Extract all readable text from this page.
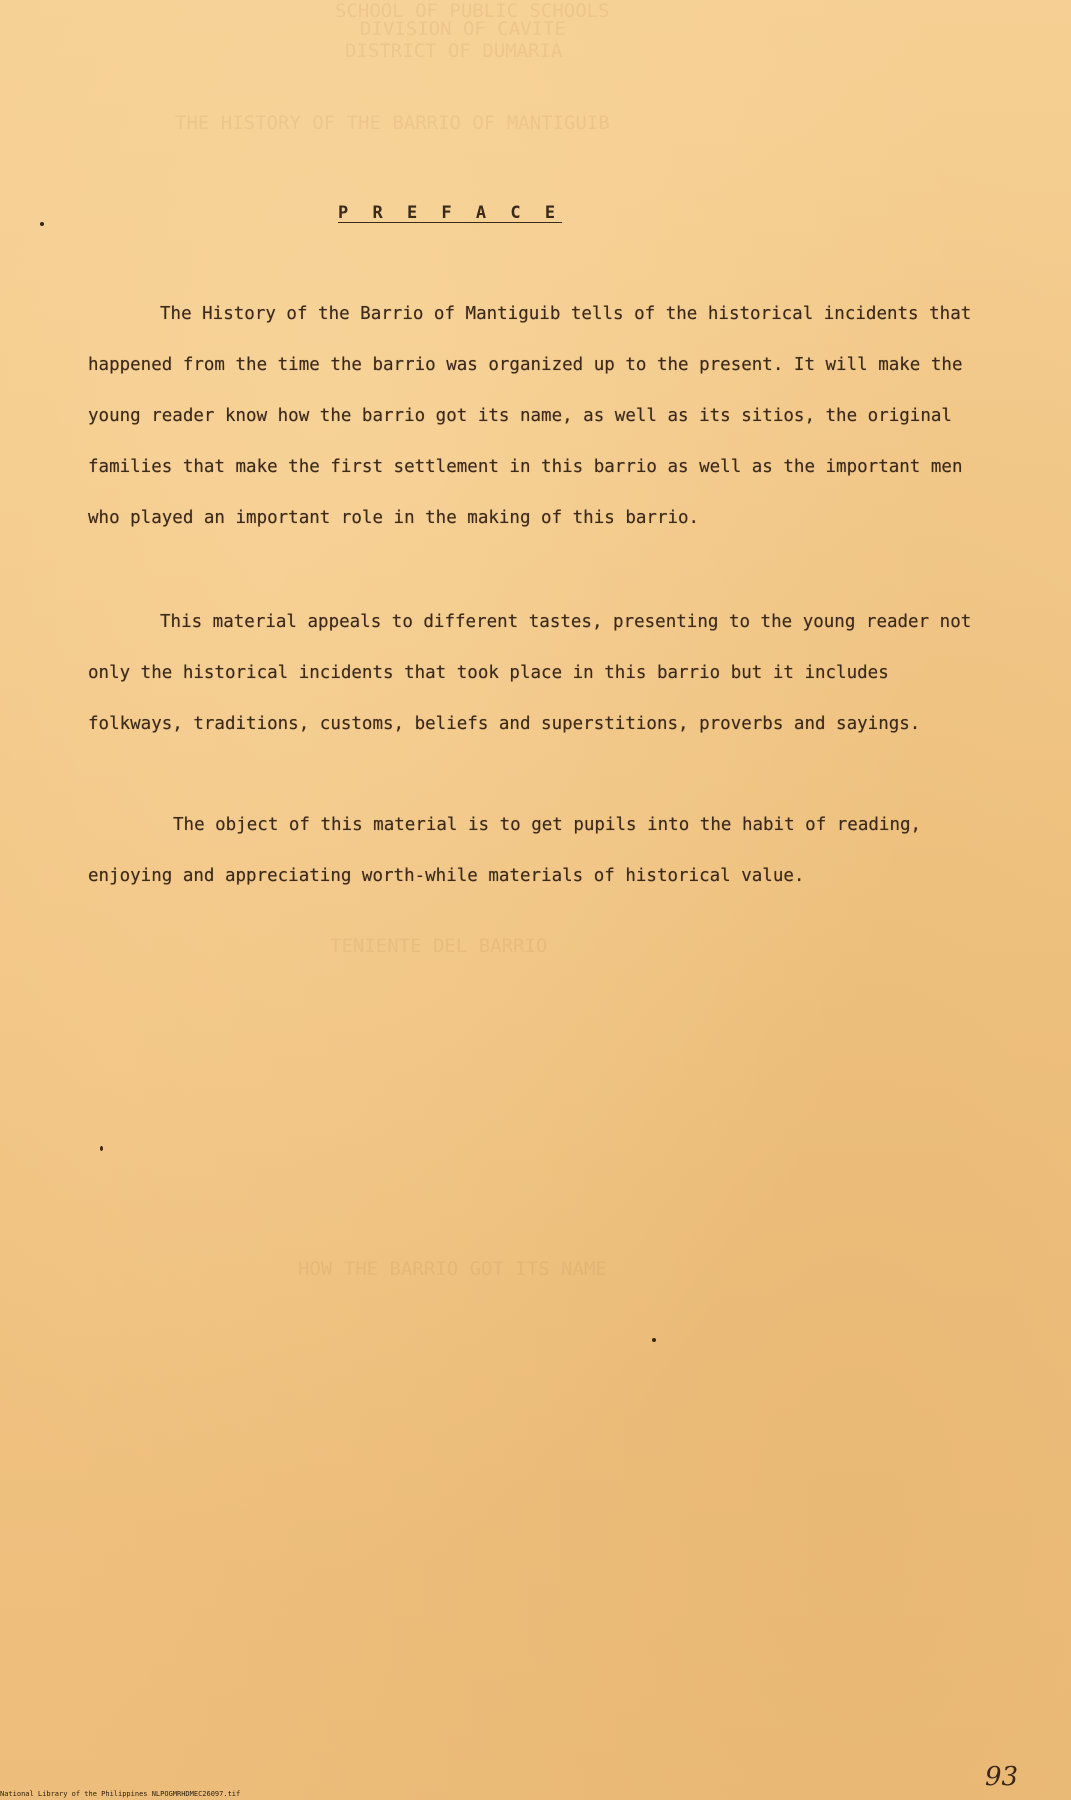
SCHOOL OF PUBLIC SCHOOLS
DIVISION OF CAVITE
DISTRICT OF DUMARIA
THE HISTORY OF THE BARRIO OF MANTIGUIB
TENIENTE DEL BARRIO
HOW THE BARRIO GOT ITS NAME
P R E F A C E
The History of the Barrio of Mantiguib tells of the historical incidents that happened from the time the barrio was organized up to the present. It will make the young reader know how the barrio got its name, as well as its sitios, the original families that make the first settlement in this barrio as well as the important men who played an important role in the making of this barrio.
This material appeals to different tastes, presenting to the young reader not only the historical incidents that took place in this barrio but it includes folkways, traditions, customs, beliefs and superstitions, proverbs and sayings.
The object of this material is to get pupils into the habit of reading, enjoying and appreciating worth-while materials of historical value.
93
National Library of the Philippines NLPOGMRHDMEC26097.tif
